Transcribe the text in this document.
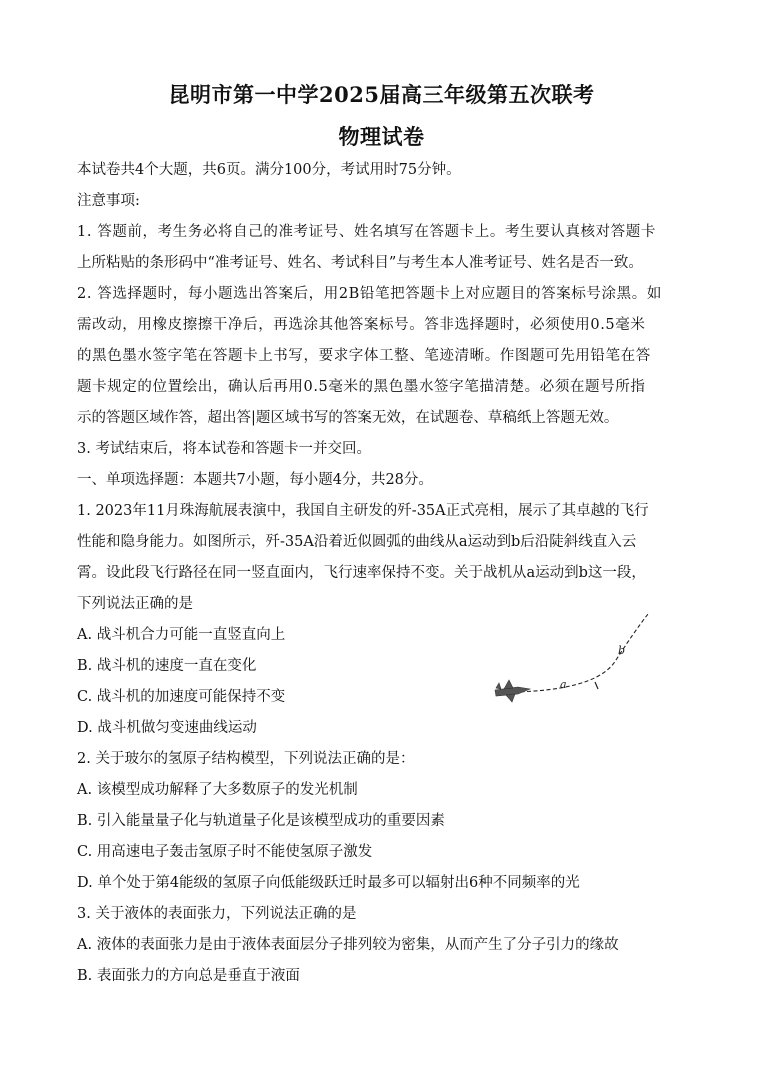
昆明市第一中学2025届高三年级第五次联考
物理试卷
本试卷共4个大题，共6页。满分100分，考试用时75分钟。
注意事项:
1. 答题前，考生务必将自己的准考证号、姓名填写在答题卡上。考生要认真核对答题卡
上所粘贴的条形码中“准考证号、姓名、考试科目”与考生本人准考证号、姓名是否一致。
2. 答选择题时，每小题选出答案后，用2B铅笔把答题卡上对应题目的答案标号涂黑。如
需改动，用橡皮擦擦干净后，再选涂其他答案标号。答非选择题时，必须使用0.5毫米
的黑色墨水签字笔在答题卡上书写，要求字体工整、笔迹清晰。作图题可先用铅笔在答
题卡规定的位置绘出，确认后再用0.5毫米的黑色墨水签字笔描清楚。必须在题号所指
示的答题区域作答，超出答|题区域书写的答案无效，在试题卷、草稿纸上答题无效。
3. 考试结束后，将本试卷和答题卡一并交回。
一、单项选择题：本题共7小题，每小题4分，共28分。
1. 2023年11月珠海航展表演中，我国自主研发的歼-35A正式亮相，展示了其卓越的飞行
性能和隐身能力。如图所示，歼-35A沿着近似圆弧的曲线从a运动到b后沿陡斜线直入云
霄。设此段飞行路径在同一竖直面内，飞行速率保持不变。关于战机从a运动到b这一段，
下列说法正确的是
A. 战斗机合力可能一直竖直向上
B. 战斗机的速度一直在变化
C. 战斗机的加速度可能保持不变
D. 战斗机做匀变速曲线运动
a
b
2. 关于玻尔的氢原子结构模型，下列说法正确的是：
A. 该模型成功解释了大多数原子的发光机制
B. 引入能量量子化与轨道量子化是该模型成功的重要因素
C. 用高速电子轰击氢原子时不能使氢原子激发
D. 单个处于第4能级的氢原子向低能级跃迁时最多可以辐射出6种不同频率的光
3. 关于液体的表面张力，下列说法正确的是
A. 液体的表面张力是由于液体表面层分子排列较为密集，从而产生了分子引力的缘故
B. 表面张力的方向总是垂直于液面
